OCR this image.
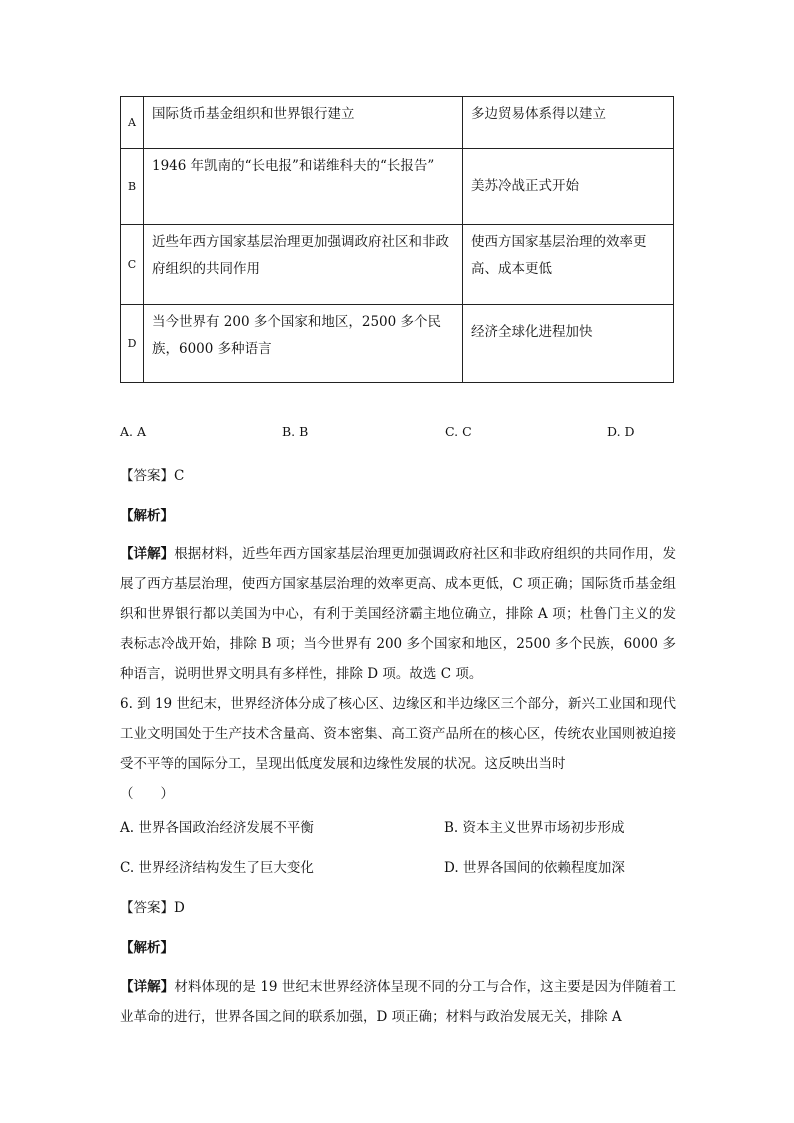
A	国际货币基金组织和世界银行建立	多边贸易体系得以建立

B	1946 年凯南的“长电报”和诺维科夫的“长报告”	美苏冷战正式开始

C	近些年西方国家基层治理更加强调政府社区和非政府组织的共同作用	使西方国家基层治理的效率更高、成本更低

D	当今世界有 200 多个国家和地区，2500 多个民族，6000 多种语言	经济全球化进程加快
A. A	B. B	C. C	D. D
【答案】C
【解析】
【详解】根据材料，近些年西方国家基层治理更加强调政府社区和非政府组织的共同作用，发展了西方基层治理，使西方国家基层治理的效率更高、成本更低，C 项正确；国际货币基金组织和世界银行都以美国为中心，有利于美国经济霸主地位确立，排除 A 项；杜鲁门主义的发表标志冷战开始，排除 B 项；当今世界有 200 多个国家和地区，2500 多个民族，6000 多种语言，说明世界文明具有多样性，排除 D 项。故选 C 项。
6. 到 19 世纪末，世界经济体分成了核心区、边缘区和半边缘区三个部分，新兴工业国和现代工业文明国处于生产技术含量高、资本密集、高工资产品所在的核心区，传统农业国则被迫接受不平等的国际分工，呈现出低度发展和边缘性发展的状况。这反映出当时
（　　）
A. 世界各国政治经济发展不平衡	B. 资本主义世界市场初步形成
C. 世界经济结构发生了巨大变化	D. 世界各国间的依赖程度加深
【答案】D
【解析】
【详解】材料体现的是 19 世纪末世界经济体呈现不同的分工与合作，这主要是因为伴随着工业革命的进行，世界各国之间的联系加强，D 项正确；材料与政治发展无关，排除 A
